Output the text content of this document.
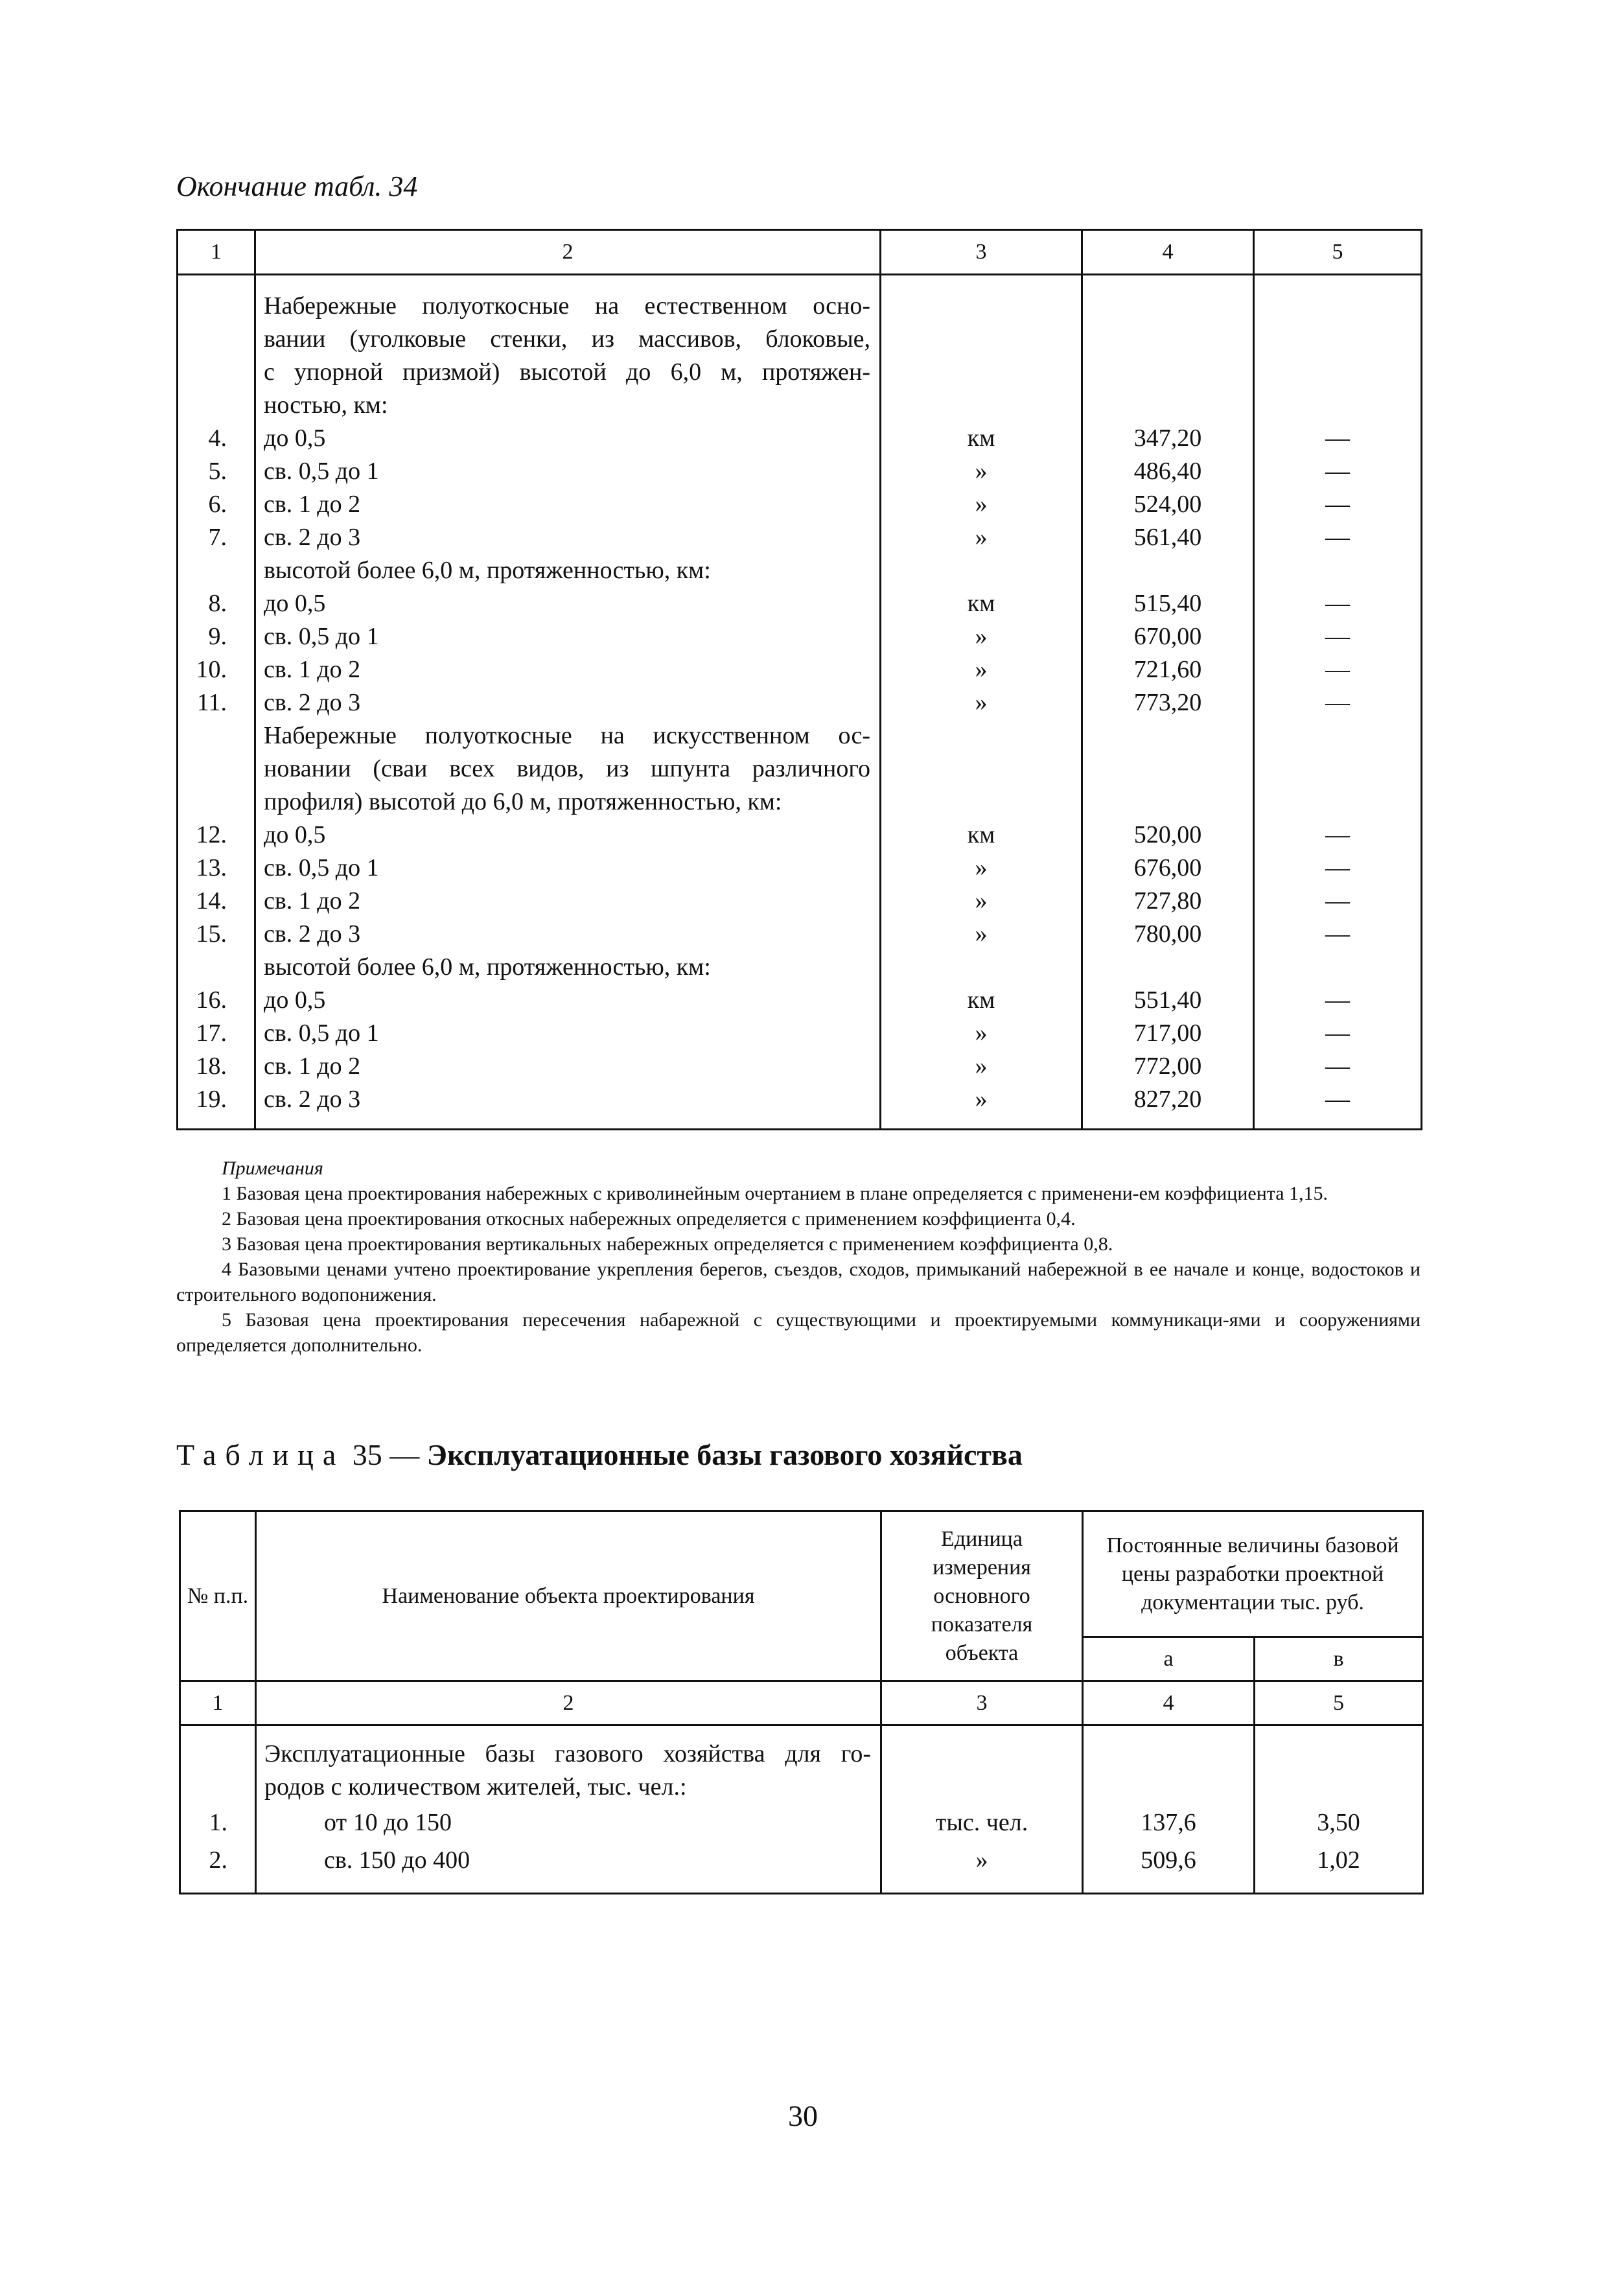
Окончание табл. 34
1	2	3	4	5

	Набережные полуоткосные на естественном осно-			

	вании (уголковые стенки, из массивов, блоковые,			

	с упорной призмой) высотой до 6,0 м, протяжен-			

	ностью, км:			

4.	до 0,5	км	347,20	—
5.	св. 0,5 до 1	»	486,40	—
6.	св. 1 до 2	»	524,00	—
7.	св. 2 до 3	»	561,40	—

	высотой более 6,0 м, протяженностью, км:			

8.	до 0,5	км	515,40	—
9.	св. 0,5 до 1	»	670,00	—
10.	св. 1 до 2	»	721,60	—
11.	св. 2 до 3	»	773,20	—

	Набережные полуоткосные на искусственном ос-			

	новании (сваи всех видов, из шпунта различного			

	профиля) высотой до 6,0 м, протяженностью, км:			

12.	до 0,5	км	520,00	—
13.	св. 0,5 до 1	»	676,00	—
14.	св. 1 до 2	»	727,80	—
15.	св. 2 до 3	»	780,00	—

	высотой более 6,0 м, протяженностью, км:			

16.	до 0,5	км	551,40	—
17.	св. 0,5 до 1	»	717,00	—
18.	св. 1 до 2	»	772,00	—
19.	св. 2 до 3	»	827,20	—
Примечания

1 Базовая цена проектирования набережных с криволинейным очертанием в плане определяется с применени-ем коэффициента 1,15.

2 Базовая цена проектирования откосных набережных определяется с применением коэффициента 0,4.

3 Базовая цена проектирования вертикальных набережных определяется с применением коэффициента 0,8.

4 Базовыми ценами учтено проектирование укрепления берегов, съездов, сходов, примыканий набережной в ее начале и конце, водостоков и строительного водопонижения.

5 Базовая цена проектирования пересечения набарежной с существующими и проектируемыми коммуникаци-ями и сооружениями определяется дополнительно.

Таблица 35 — Эксплуатационные базы газового хозяйства
№ п.п.	Наименование объекта проектирования	Единица измерения основного показателя объекта	Постоянные величины базовой цены разработки проектной документации тыс. руб.	
			а	в
1	2	3	4	5

	Эксплуатационные базы газового хозяйства для го-
родов с количеством жителей, тыс. чел.:			

1.	от 10 до 150	тыс. чел.	137,6	3,50
2.	св. 150 до 400	»	509,6	1,02
30
